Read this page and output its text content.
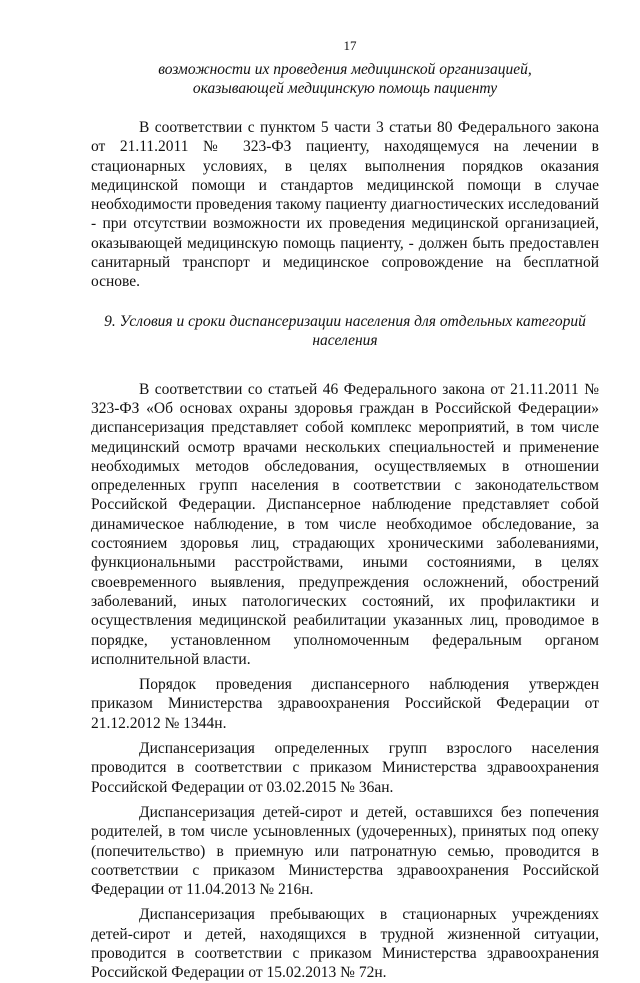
17

возможности их проведения медицинской организацией,

оказывающей медицинскую помощь пациенту

В соответствии с пунктом 5 части 3 статьи 80 Федерального закона от 21.11.2011 № 323-ФЗ пациенту, находящемуся на лечении в стационарных условиях, в целях выполнения порядков оказания медицинской помощи и стандартов медицинской помощи в случае необходимости проведения такому пациенту диагностических исследований - при отсутствии возможности их проведения медицинской организацией, оказывающей медицинскую помощь пациенту, - должен быть предоставлен санитарный транспорт и медицинское сопровождение на бесплатной основе.

9. Условия и сроки диспансеризации населения для отдельных категорий

населения

В соответствии со статьей 46 Федерального закона от 21.11.2011 № 323-ФЗ «Об основах охраны здоровья граждан в Российской Федерации» диспансеризация представляет собой комплекс мероприятий, в том числе медицинский осмотр врачами нескольких специальностей и применение необходимых методов обследования, осуществляемых в отношении определенных групп населения в соответствии с законодательством Российской Федерации. Диспансерное наблюдение представляет собой динамическое наблюдение, в том числе необходимое обследование, за состоянием здоровья лиц, страдающих хроническими заболеваниями, функциональными расстройствами, иными состояниями, в целях своевременного выявления, предупреждения осложнений, обострений заболеваний, иных патологических состояний, их профилактики и осуществления медицинской реабилитации указанных лиц, проводимое в порядке, установленном уполномоченным федеральным органом исполнительной власти.

Порядок проведения диспансерного наблюдения утвержден приказом Министерства здравоохранения Российской Федерации от 21.12.2012 № 1344н.

Диспансеризация определенных групп взрослого населения проводится в соответствии с приказом Министерства здравоохранения Российской Федерации от 03.02.2015 № 36ан.

Диспансеризация детей-сирот и детей, оставшихся без попечения родителей, в том числе усыновленных (удочеренных), принятых под опеку (попечительство) в приемную или патронатную семью, проводится в соответствии с приказом Министерства здравоохранения Российской Федерации от 11.04.2013 № 216н.

Диспансеризация пребывающих в стационарных учреждениях детей-сирот и детей, находящихся в трудной жизненной ситуации, проводится в соответствии с приказом Министерства здравоохранения Российской Федерации от 15.02.2013 № 72н.
